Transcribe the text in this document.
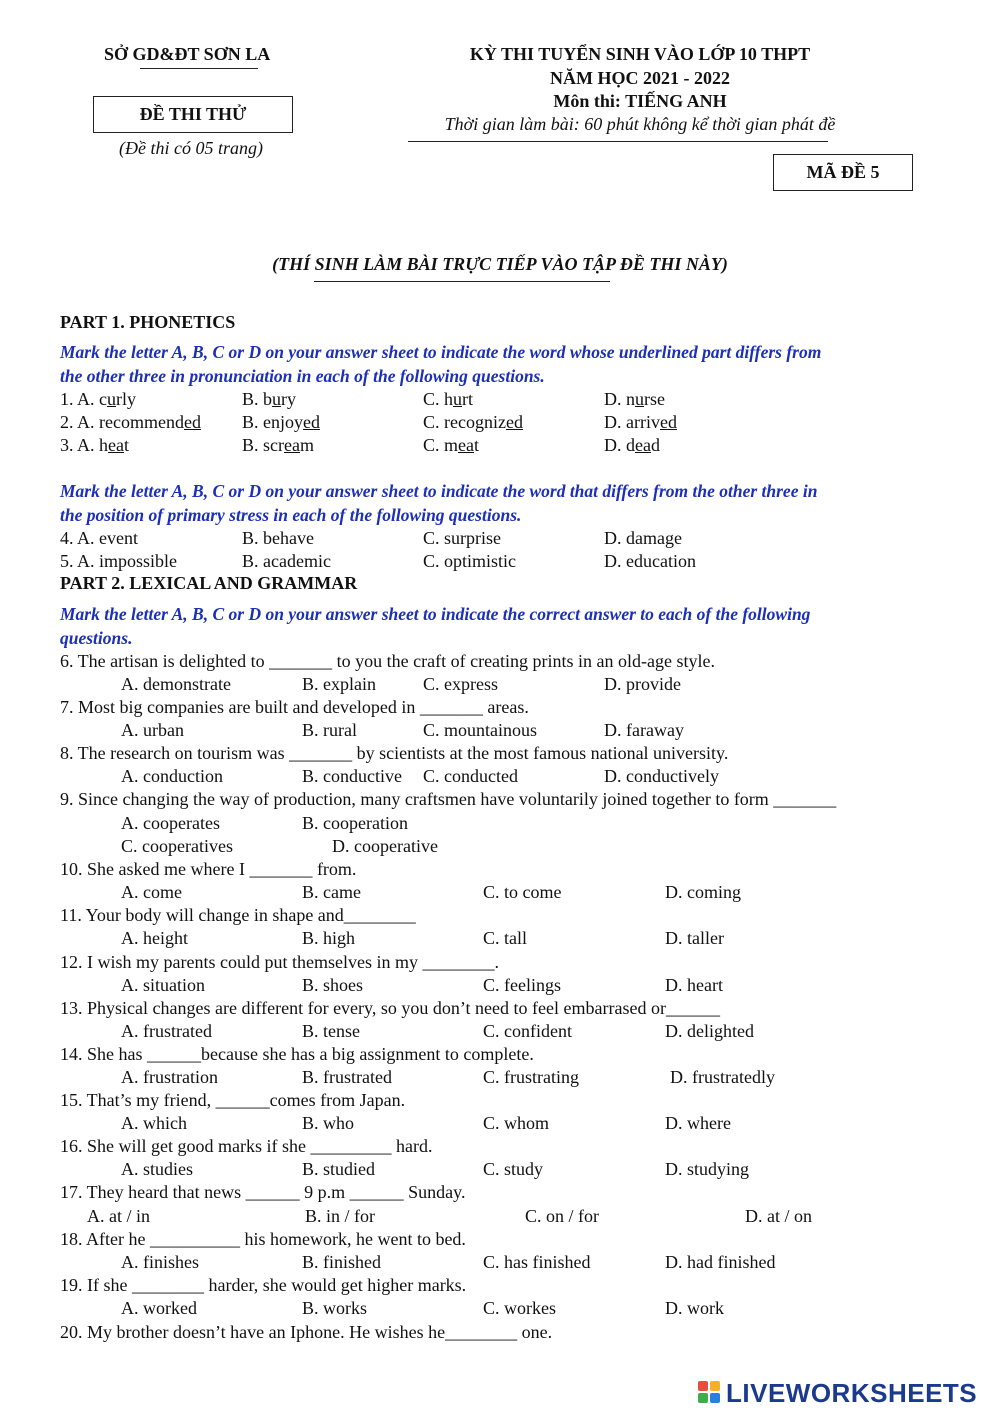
SỞ GD&ĐT SƠN LA
ĐỀ THI THỬ
(Đề thi có 05 trang)
KỲ THI TUYỂN SINH VÀO LỚP 10 THPT
NĂM HỌC 2021 - 2022
Môn thi: TIẾNG ANH
Thời gian làm bài: 60 phút không kể thời gian phát đề
MÃ ĐỀ 5
(THÍ SINH LÀM BÀI TRỰC TIẾP VÀO TẬP ĐỀ THI NÀY)
PART 1. PHONETICS
Mark the letter A, B, C or D on your answer sheet to indicate the word whose underlined part differs from
the other three in pronunciation in each of the following questions.
1. A. curly	B. bury	C. hurt	D. nurse
2. A. recommended B. enjoyed	C. recognized	D. arrived
3. A. heat	B. scream	C. meat	D. dead
Mark the letter A, B, C or D on your answer sheet to indicate the word that differs from the other three in
the position of primary stress in each of the following questions.
4. A. event	B. behave	C. surprise	D. damage
5. A. impossible	B. academic	C. optimistic	D. education
PART 2. LEXICAL AND GRAMMAR
Mark the letter A, B, C or D on your answer sheet to indicate the correct answer to each of the following
questions.
6. The artisan is delighted to _______ to you the craft of creating prints in an old-age style.
A. demonstrate	B. explain	C. express	D. provide
7. Most big companies are built and developed in _______ areas.
A. urban	B. rural	C. mountainous	D. faraway
8. The research on tourism was _______ by scientists at the most famous national university.
A. conduction	B. conductive C. conducted	D. conductively
9. Since changing the way of production, many craftsmen have voluntarily joined together to form _______
A. cooperates	B. cooperation
C. cooperatives	D. cooperative
10. She asked me where I _______ from.
A. come	B. came	C. to come	D. coming
11. Your body will change in shape and________
A. height	B. high	C. tall	D. taller
12. I wish my parents could put themselves in my ________.
A. situation	B. shoes	C. feelings	D. heart
13. Physical changes are different for every, so you don’t need to feel embarrased or______
A. frustrated	B. tense	C. confident	D. delighted
14. She has ______because she has a big assignment to complete.
A. frustration	B. frustrated	C. frustrating	D. frustratedly
15. That’s my friend, ______comes from Japan.
A. which	B. who	C. whom	D. where
16. She will get good marks if she _________ hard.
A. studies	B. studied	C. study	D. studying
17. They heard that news ______ 9 p.m ______ Sunday.
A. at / in	B. in / for	C. on / for	D. at / on
18. After he __________ his homework, he went to bed.
A. finishes	B. finished	C. has finished	D. had finished
19. If she ________ harder, she would get higher marks.
A. worked	B. works	C. workes	D. work
20. My brother doesn’t have an Iphone. He wishes he________ one.
LIVEWORKSHEETS
